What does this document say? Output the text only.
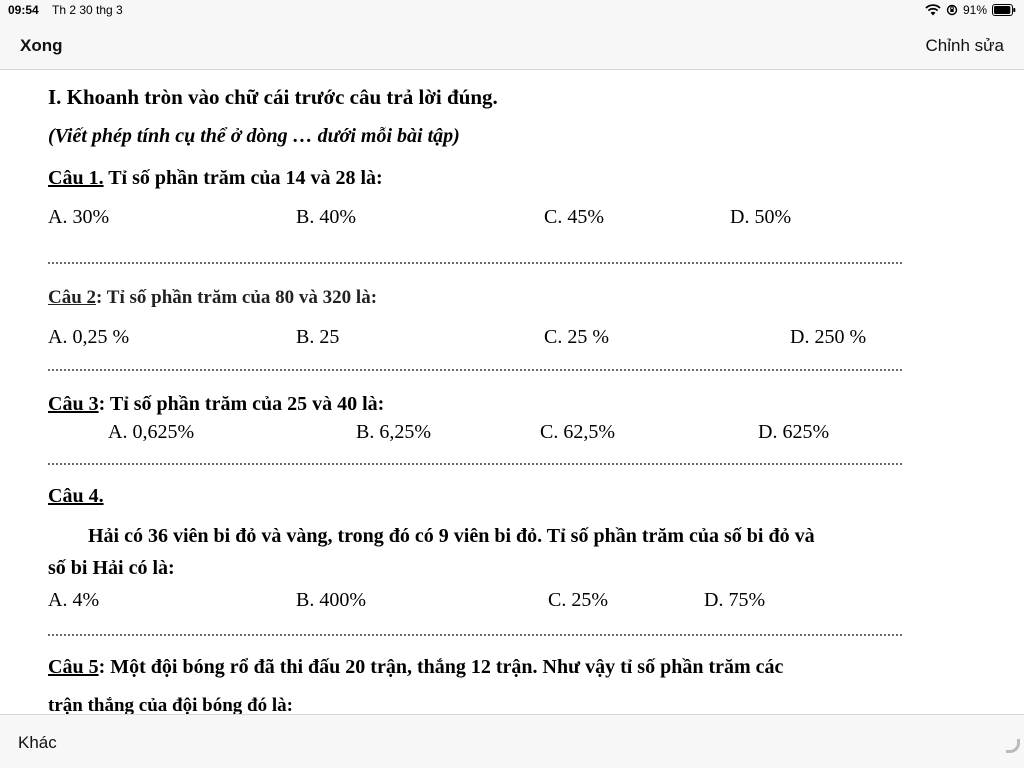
09:54 Th 2 30 thg 3	91%
Xong	Chỉnh sửa
I. Khoanh tròn vào chữ cái trước câu trả lời đúng.
(Viết phép tính cụ thể ở dòng … dưới mỗi bài tập)
Câu 1. Tỉ số phần trăm của 14 và 28 là:
A. 30%	B. 40%	C. 45%	D. 50%
Câu 2: Tỉ số phần trăm của 80 và 320 là:
A. 0,25 %	B. 25	C. 25 %	D. 250 %
Câu 3: Tỉ số phần trăm của 25 và 40 là:
A. 0,625%	B. 6,25%	C. 62,5%	D. 625%
Câu 4.
Hải có 36 viên bi đỏ và vàng, trong đó có 9 viên bi đỏ. Tỉ số phần trăm của số bi đỏ và
số bi Hải có là:
A. 4%	B. 400%	C. 25%	D. 75%
Câu 5: Một đội bóng rổ đã thi đấu 20 trận, thắng 12 trận. Như vậy tỉ số phần trăm các
trận thắng của đội bóng đó là:
Khác
